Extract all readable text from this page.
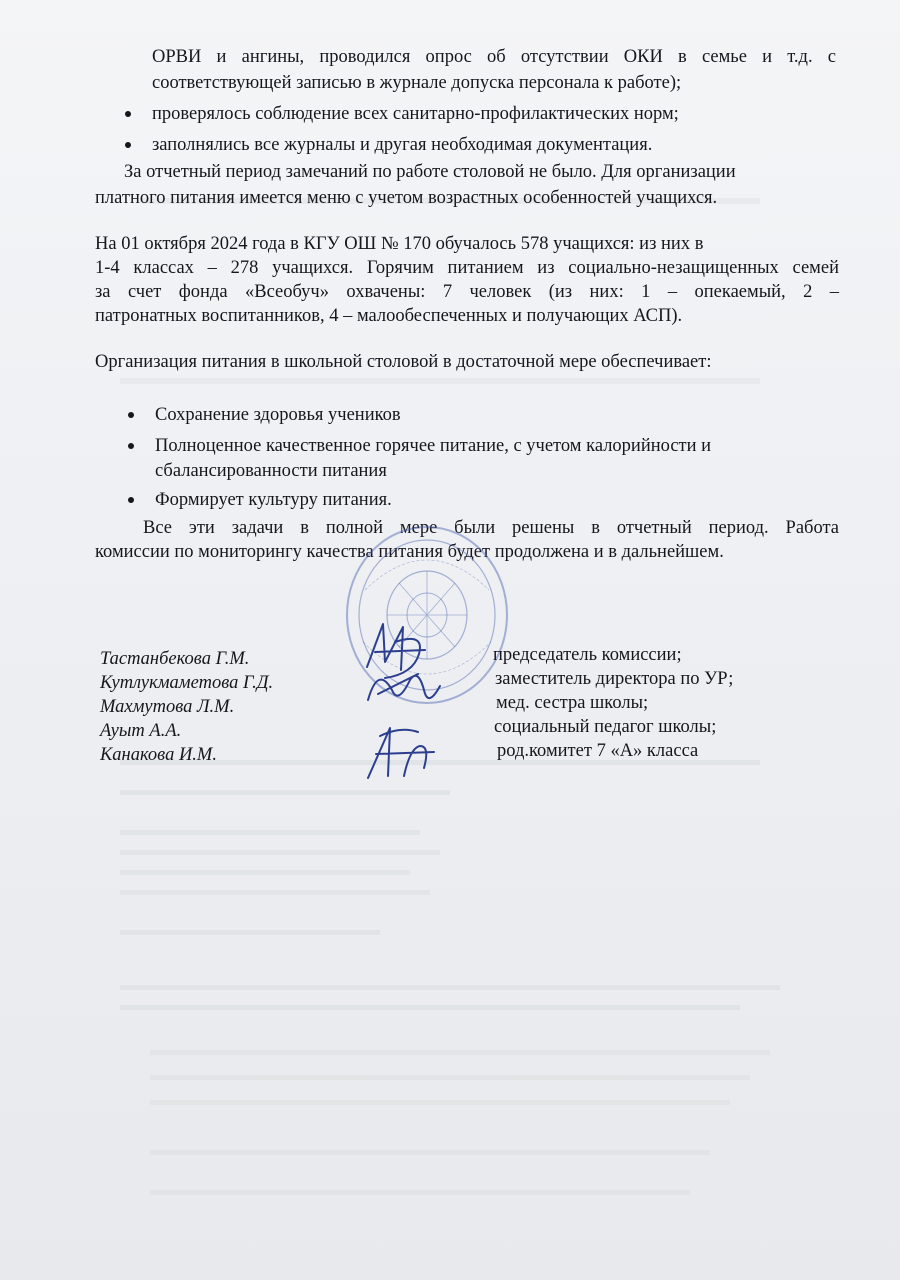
ОРВИ и ангины, проводился опрос об отсутствии ОКИ в семье и т.д. с
соответствующей записью в журнале допуска персонала к работе);
проверялось соблюдение всех санитарно-профилактических норм;
заполнялись все журналы и другая необходимая документация.
За отчетный период замечаний по работе столовой не было. Для организации
платного питания имеется меню с учетом возрастных особенностей учащихся.
На 01 октября 2024 года в КГУ ОШ № 170 обучалось 578 учащихся: из них в
1-4 классах – 278 учащихся. Горячим питанием из социально-незащищенных семей
за счет фонда «Всеобуч» охвачены: 7 человек (из них: 1 – опекаемый, 2 –
патронатных воспитанников, 4 – малообеспеченных и получающих АСП).
Организация питания в школьной столовой в достаточной мере обеспечивает:
Сохранение здоровья учеников
Полноценное качественное горячее питание, с учетом калорийности и
сбалансированности питания
Формирует культуру питания.
Все эти задачи в полной мере были решены в отчетный период. Работа
комиссии по мониторингу качества питания будет продолжена и в дальнейшем.
Тастанбекова Г.М.
Кутлукмаметова Г.Д.
Махмутова Л.М.
Ауыт А.А.
Канакова И.М.
председатель комиссии;
заместитель директора по УР;
мед. сестра школы;
социальный педагог школы;
род.комитет 7 «А» класса
